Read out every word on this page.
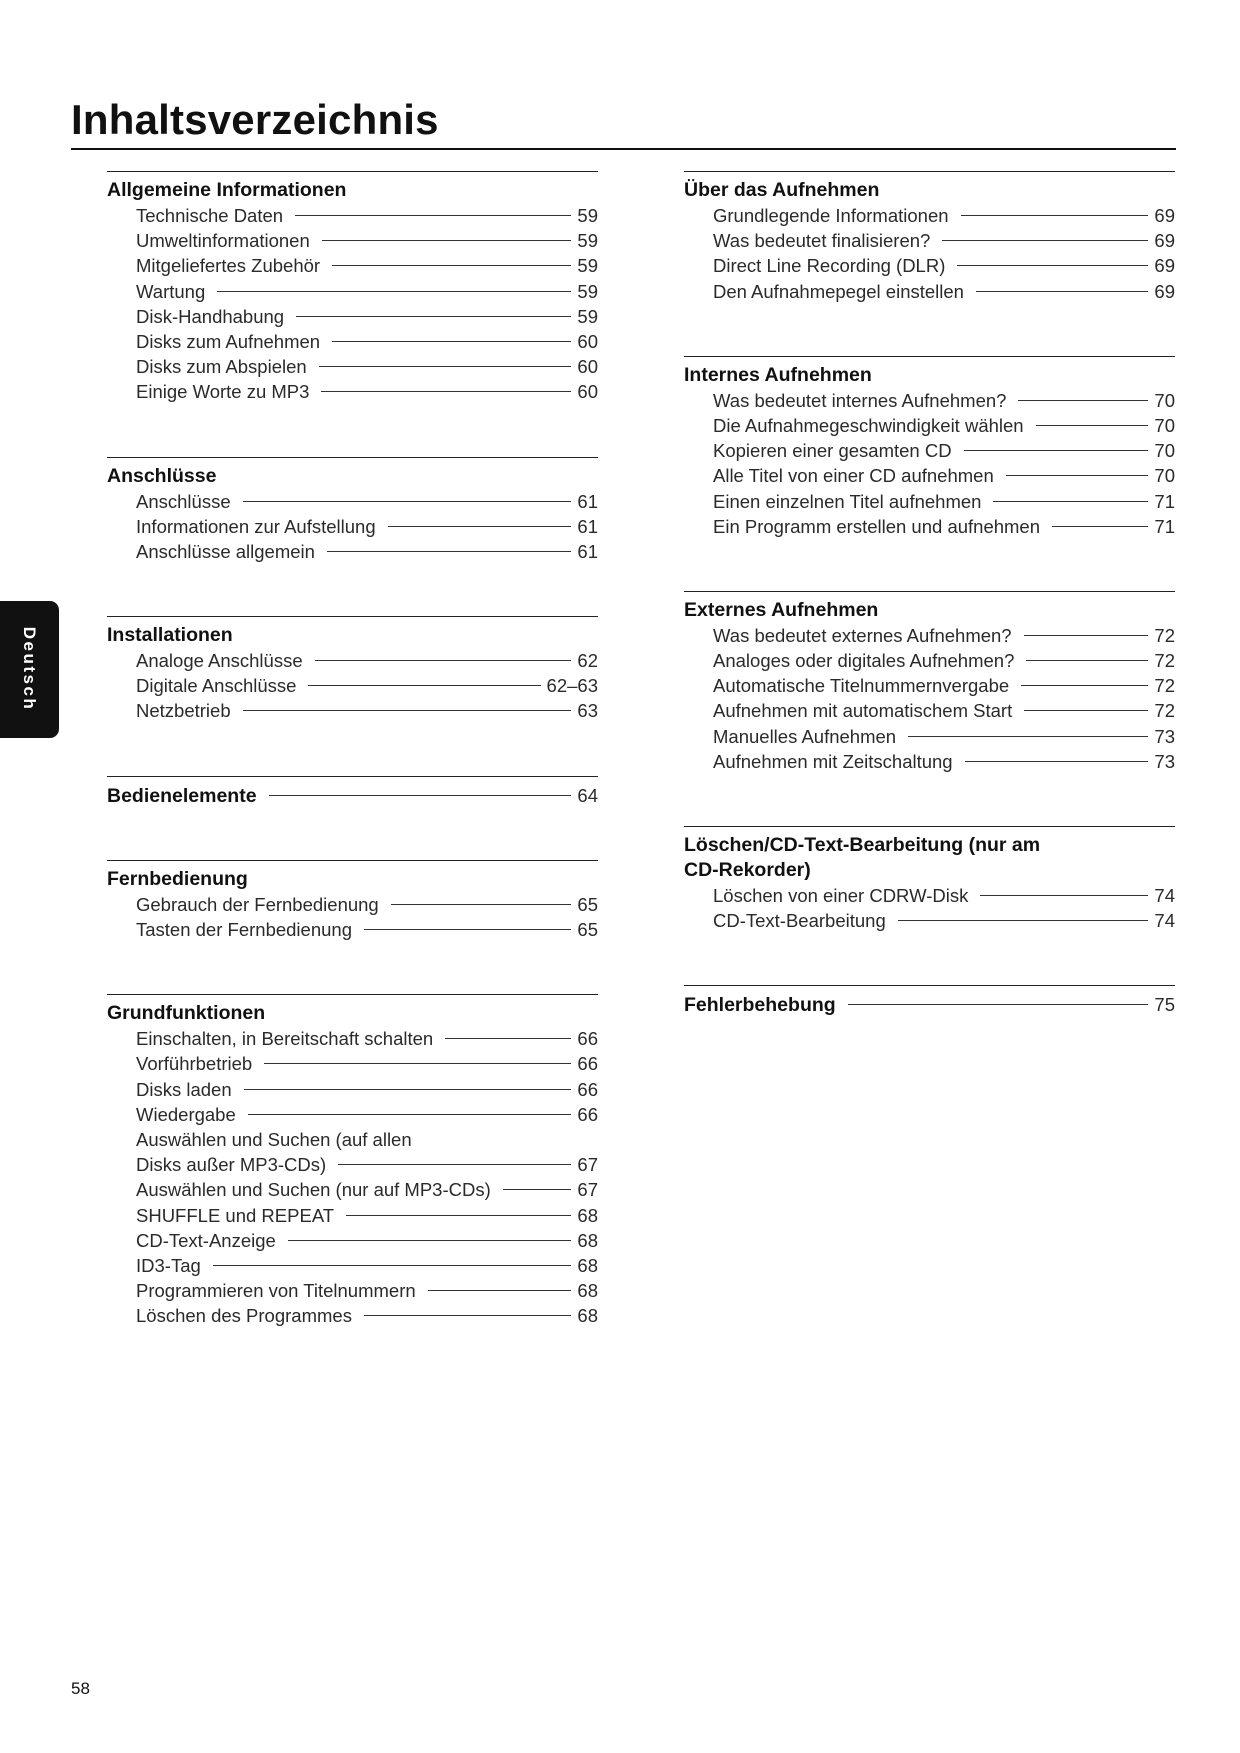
Inhaltsverzeichnis
Deutsch
Allgemeine Informationen
Technische Daten	59
Umweltinformationen	59
Mitgeliefertes Zubehör	59
Wartung	59
Disk-Handhabung	59
Disks zum Aufnehmen	60
Disks zum Abspielen	60
Einige Worte zu MP3	60
Anschlüsse
Anschlüsse	61
Informationen zur Aufstellung	61
Anschlüsse allgemein	61
Installationen
Analoge Anschlüsse	62
Digitale Anschlüsse	62–63
Netzbetrieb	63
Bedienelemente	64
Fernbedienung
Gebrauch der Fernbedienung	65
Tasten der Fernbedienung	65
Grundfunktionen
Einschalten, in Bereitschaft schalten	66
Vorführbetrieb	66
Disks laden	66
Wiedergabe	66
Auswählen und Suchen (auf allen
Disks außer MP3-CDs)	67
Auswählen und Suchen (nur auf MP3-CDs)	67
SHUFFLE und REPEAT	68
CD-Text-Anzeige	68
ID3-Tag	68
Programmieren von Titelnummern	68
Löschen des Programmes	68
Über das Aufnehmen
Grundlegende Informationen	69
Was bedeutet finalisieren?	69
Direct Line Recording (DLR)	69
Den Aufnahmepegel einstellen	69
Internes Aufnehmen
Was bedeutet internes Aufnehmen?	70
Die Aufnahmegeschwindigkeit wählen	70
Kopieren einer gesamten CD	70
Alle Titel von einer CD aufnehmen	70
Einen einzelnen Titel aufnehmen	71
Ein Programm erstellen und aufnehmen	71
Externes Aufnehmen
Was bedeutet externes Aufnehmen?	72
Analoges oder digitales Aufnehmen?	72
Automatische Titelnummernvergabe	72
Aufnehmen mit automatischem Start	72
Manuelles Aufnehmen	73
Aufnehmen mit Zeitschaltung	73
Löschen/CD-Text-Bearbeitung (nur am
CD-Rekorder)
Löschen von einer CDRW-Disk	74
CD-Text-Bearbeitung	74
Fehlerbehebung	75
58
